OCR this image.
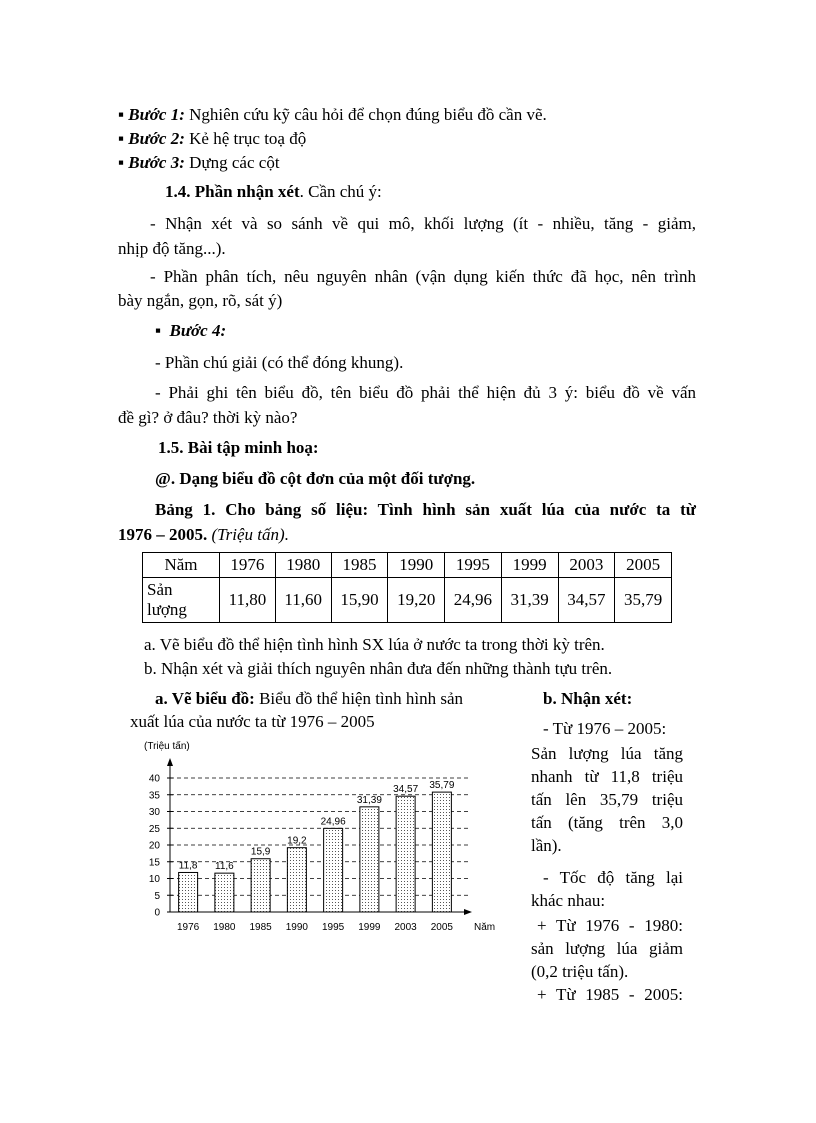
▪ Bước 1: Nghiên cứu kỹ câu hỏi để chọn đúng biểu đồ cần vẽ.
▪ Bước 2: Kẻ hệ trục toạ độ
▪ Bước 3: Dựng các cột
1.4. Phần nhận xét. Cần chú ý:
- Nhận xét và so sánh về qui mô, khối lượng (ít - nhiều, tăng - giảm,
nhịp độ tăng...).
- Phần phân tích, nêu nguyên nhân (vận dụng kiến thức đã học, nên trình
bày ngắn, gọn, rõ, sát ý)
▪  Bước 4:
- Phần chú giải (có thể đóng khung).
- Phải ghi tên biểu đồ, tên biểu đồ phải thể hiện đủ 3 ý: biểu đồ về vấn
đề gì? ở đâu? thời kỳ nào?
1.5. Bài tập minh hoạ:
@. Dạng biểu đồ cột đơn của một đối tượng.
Bảng 1. Cho bảng số liệu: Tình hình sản xuất lúa của nước ta từ
1976 – 2005. (Triệu tấn).
Năm	1976	1980	1985	1990	1995	1999	2003	2005
Sản
lượng	11,80	11,60	15,90	19,20	24,96	31,39	34,57	35,79
a. Vẽ biểu đồ thể hiện tình hình SX lúa ở nước ta trong thời kỳ trên.
b. Nhận xét và giải thích nguyên nhân đưa đến những thành tựu trên.
a. Vẽ biểu đồ: Biểu đồ thể hiện tình hình sản
xuất lúa của nước ta từ 1976 – 2005
b. Nhận xét:
- Từ 1976 – 2005:
Sản lượng lúa tăng
nhanh từ 11,8 triệu
tấn lên 35,79 triệu
tấn (tăng trên 3,0
lần).
- Tốc độ tăng lại
khác nhau:
+ Từ 1976 - 1980:
sản lượng lúa giảm
(0,2 triệu tấn).
+ Từ 1985 - 2005:
(Triệu tấn)
0
5
10
15
20
25
30
35
40
1976 1980 1985 1990 1995 1999 2003 2005
11,8 11,6
15,9
19,2
24,96
31,39
34,57 35,79
Năm
